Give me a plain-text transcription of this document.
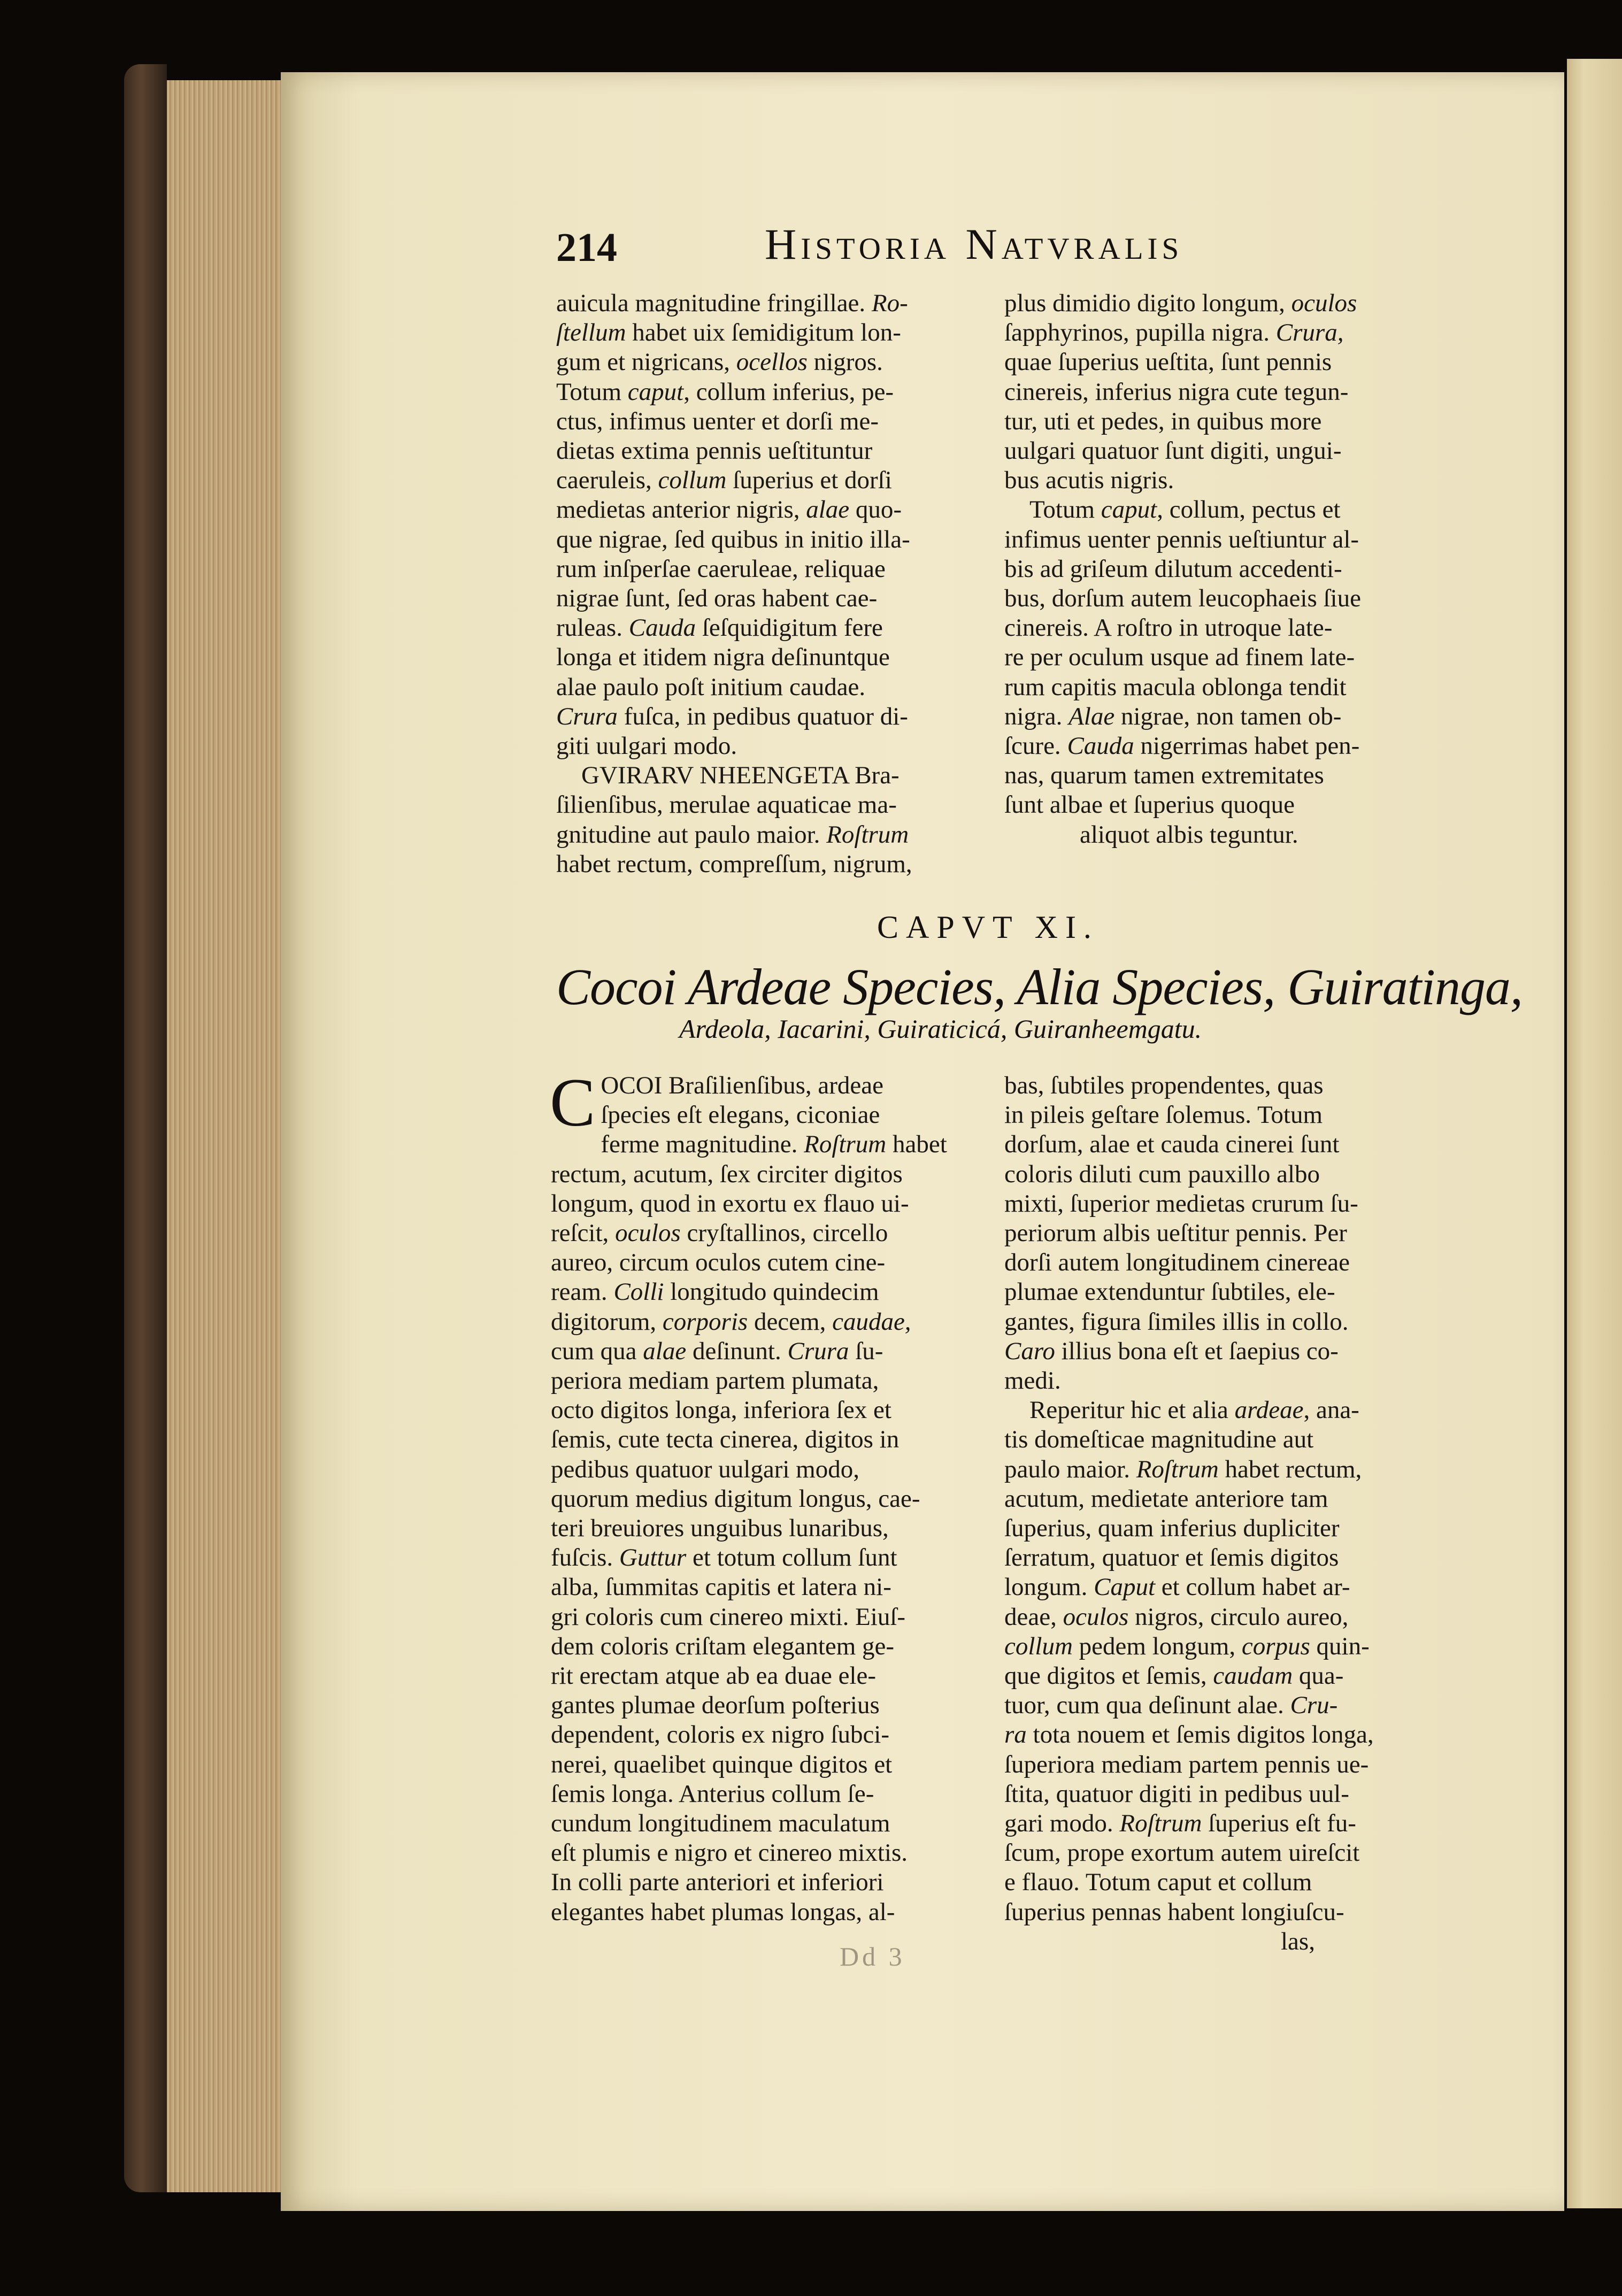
214	Historia Natvralis
auicula magnitudine fringillae. Ro-
ſtellum habet uix ſemidigitum lon-
gum et nigricans, ocellos nigros.
Totum caput, collum inferius, pe-
ctus, infimus uenter et dorſi me-
dietas extima pennis ueſtituntur
caeruleis, collum ſuperius et dorſi
medietas anterior nigris, alae quo-
que nigrae, ſed quibus in initio illa-
rum inſperſae caeruleae, reliquae
nigrae ſunt, ſed oras habent cae-
ruleas. Cauda ſeſquidigitum fere
longa et itidem nigra deſinuntque
alae paulo poſt initium caudae.
Crura fuſca, in pedibus quatuor di-
giti uulgari modo.
 GVIRARV NHEENGETA Bra-
ſilienſibus, merulae aquaticae ma-
gnitudine aut paulo maior. Roſtrum
habet rectum, compreſſum, nigrum,
plus dimidio digito longum, oculos
ſapphyrinos, pupilla nigra. Crura,
quae ſuperius ueſtita, ſunt pennis
cinereis, inferius nigra cute tegun-
tur, uti et pedes, in quibus more
uulgari quatuor ſunt digiti, ungui-
bus acutis nigris.
 Totum caput, collum, pectus et
infimus uenter pennis ueſtiuntur al-
bis ad griſeum dilutum accedenti-
bus, dorſum autem leucophaeis ſiue
cinereis. A roſtro in utroque late-
re per oculum usque ad finem late-
rum capitis macula oblonga tendit
nigra. Alae nigrae, non tamen ob-
ſcure. Cauda nigerrimas habet pen-
nas, quarum tamen extremitates
ſunt albae et ſuperius quoque
   aliquot albis teguntur.
CAPVT XI.
Cocoi Ardeae Species, Alia Species, Guiratinga,
Ardeola, Iacarini, Guiraticicá, Guiranheemgatu.
C OCOI Braſilienſibus, ardeae
ſpecies eſt elegans, ciconiae
ferme magnitudine. Roſtrum habet
rectum, acutum, ſex circiter digitos
longum, quod in exortu ex flauo ui-
reſcit, oculos cryſtallinos, circello
aureo, circum oculos cutem cine-
ream. Colli longitudo quindecim
digitorum, corporis decem, caudae,
cum qua alae deſinunt. Crura ſu-
periora mediam partem plumata,
octo digitos longa, inferiora ſex et
ſemis, cute tecta cinerea, digitos in
pedibus quatuor uulgari modo,
quorum medius digitum longus, cae-
teri breuiores unguibus lunaribus,
fuſcis. Guttur et totum collum ſunt
alba, ſummitas capitis et latera ni-
gri coloris cum cinereo mixti. Eiuſ-
dem coloris criſtam elegantem ge-
rit erectam atque ab ea duae ele-
gantes plumae deorſum poſterius
dependent, coloris ex nigro ſubci-
nerei, quaelibet quinque digitos et
ſemis longa. Anterius collum ſe-
cundum longitudinem maculatum
eſt plumis e nigro et cinereo mixtis.
In colli parte anteriori et inferiori
elegantes habet plumas longas, al-
bas, ſubtiles propendentes, quas
in pileis geſtare ſolemus. Totum
dorſum, alae et cauda cinerei ſunt
coloris diluti cum pauxillo albo
mixti, ſuperior medietas crurum ſu-
periorum albis ueſtitur pennis. Per
dorſi autem longitudinem cinereae
plumae extenduntur ſubtiles, ele-
gantes, figura ſimiles illis in collo.
Caro illius bona eſt et ſaepius co-
medi.
 Reperitur hic et alia ardeae, ana-
tis domeſticae magnitudine aut
paulo maior. Roſtrum habet rectum,
acutum, medietate anteriore tam
ſuperius, quam inferius dupliciter
ſerratum, quatuor et ſemis digitos
longum. Caput et collum habet ar-
deae, oculos nigros, circulo aureo,
collum pedem longum, corpus quin-
que digitos et ſemis, caudam qua-
tuor, cum qua deſinunt alae. Cru-
ra tota nouem et ſemis digitos longa,
ſuperiora mediam partem pennis ue-
ſtita, quatuor digiti in pedibus uul-
gari modo. Roſtrum ſuperius eſt fu-
ſcum, prope exortum autem uireſcit
e flauo. Totum caput et collum
ſuperius pennas habent longiuſcu-
           las,
Dd 3
